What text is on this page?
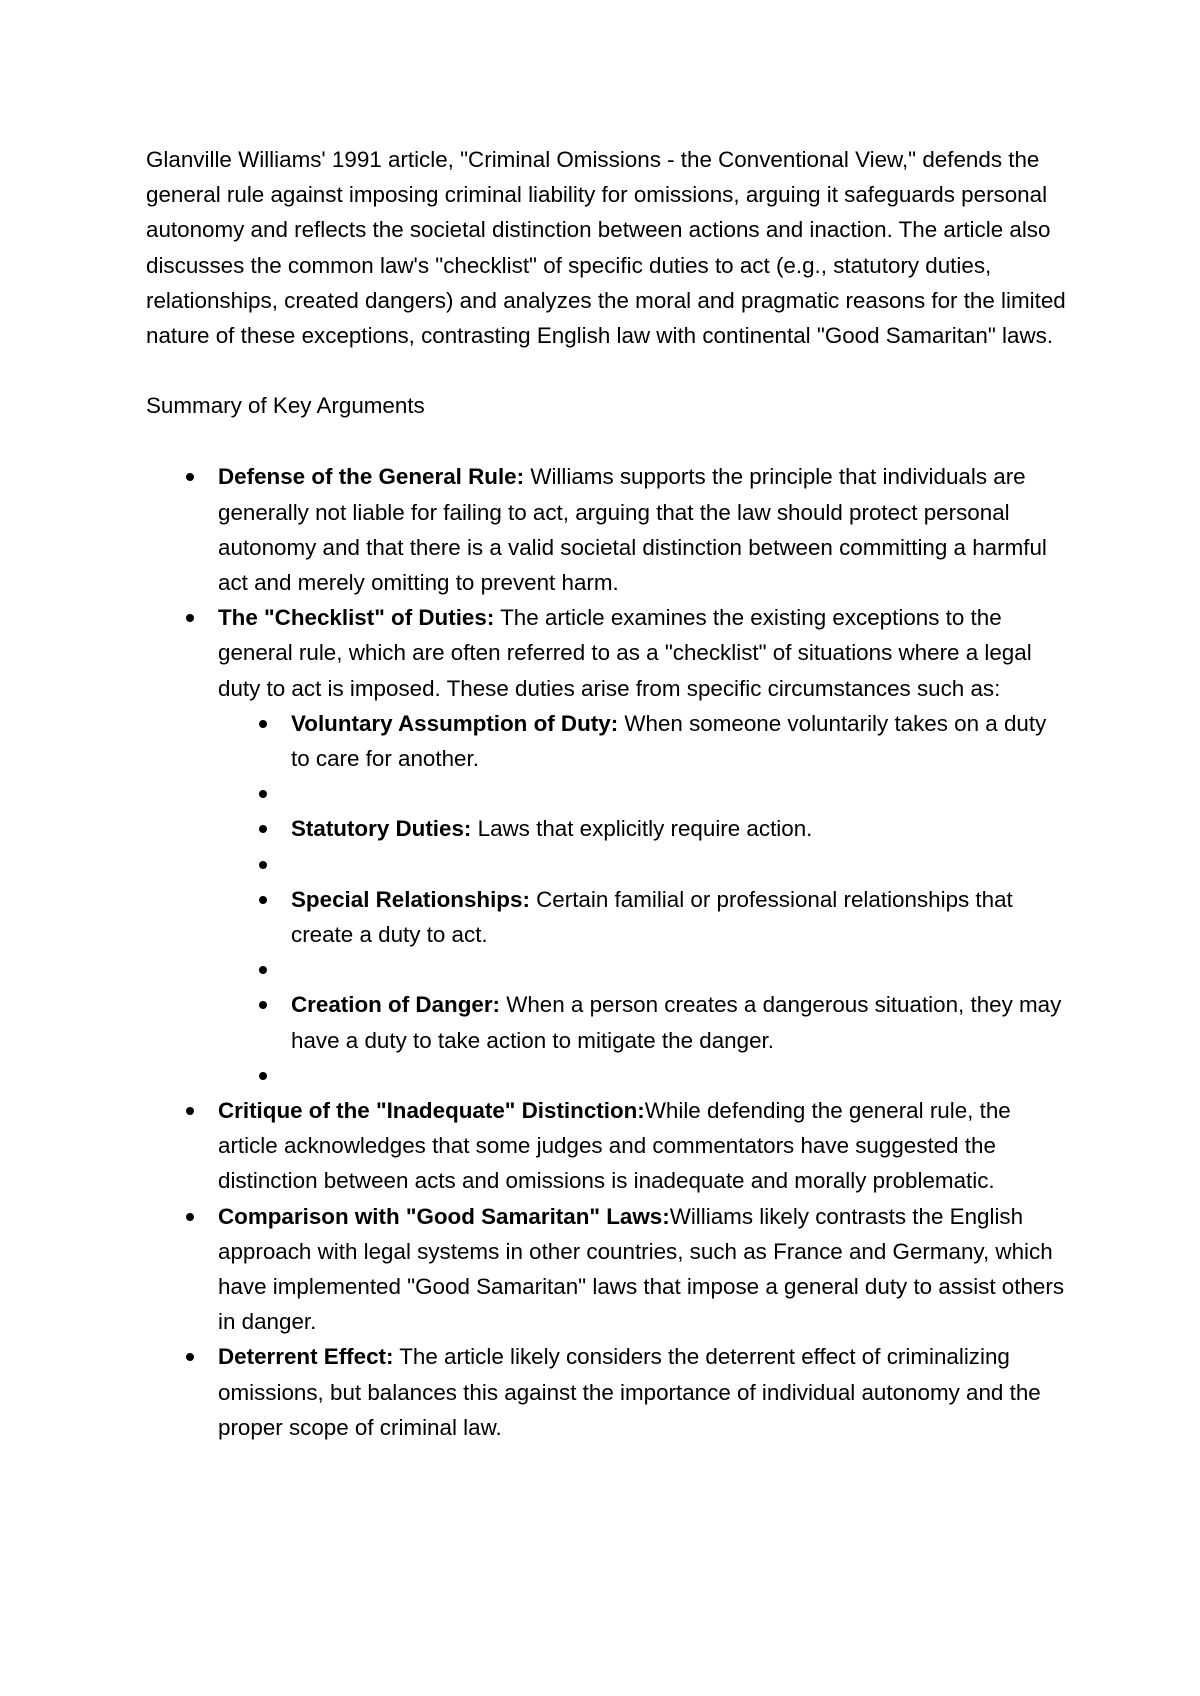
Glanville Williams' 1991 article, "Criminal Omissions - the Conventional View," defends the general rule against imposing criminal liability for omissions, arguing it safeguards personal autonomy and reflects the societal distinction between actions and inaction. The article also discusses the common law's "checklist" of specific duties to act (e.g., statutory duties, relationships, created dangers) and analyzes the moral and pragmatic reasons for the limited nature of these exceptions, contrasting English law with continental "Good Samaritan" laws.

Summary of Key Arguments

Defense of the General Rule: Williams supports the principle that individuals are generally not liable for failing to act, arguing that the law should protect personal autonomy and that there is a valid societal distinction between committing a harmful act and merely omitting to prevent harm.
The "Checklist" of Duties: The article examines the existing exceptions to the general rule, which are often referred to as a "checklist" of situations where a legal duty to act is imposed. These duties arise from specific circumstances such as:
Voluntary Assumption of Duty: When someone voluntarily takes on a duty to care for another.
Statutory Duties: Laws that explicitly require action.
Special Relationships: Certain familial or professional relationships that create a duty to act.
Creation of Danger: When a person creates a dangerous situation, they may have a duty to take action to mitigate the danger.
Critique of the "Inadequate" Distinction:While defending the general rule, the article acknowledges that some judges and commentators have suggested the distinction between acts and omissions is inadequate and morally problematic.
Comparison with "Good Samaritan" Laws:Williams likely contrasts the English approach with legal systems in other countries, such as France and Germany, which have implemented "Good Samaritan" laws that impose a general duty to assist others in danger.
Deterrent Effect: The article likely considers the deterrent effect of criminalizing omissions, but balances this against the importance of individual autonomy and the proper scope of criminal law.
